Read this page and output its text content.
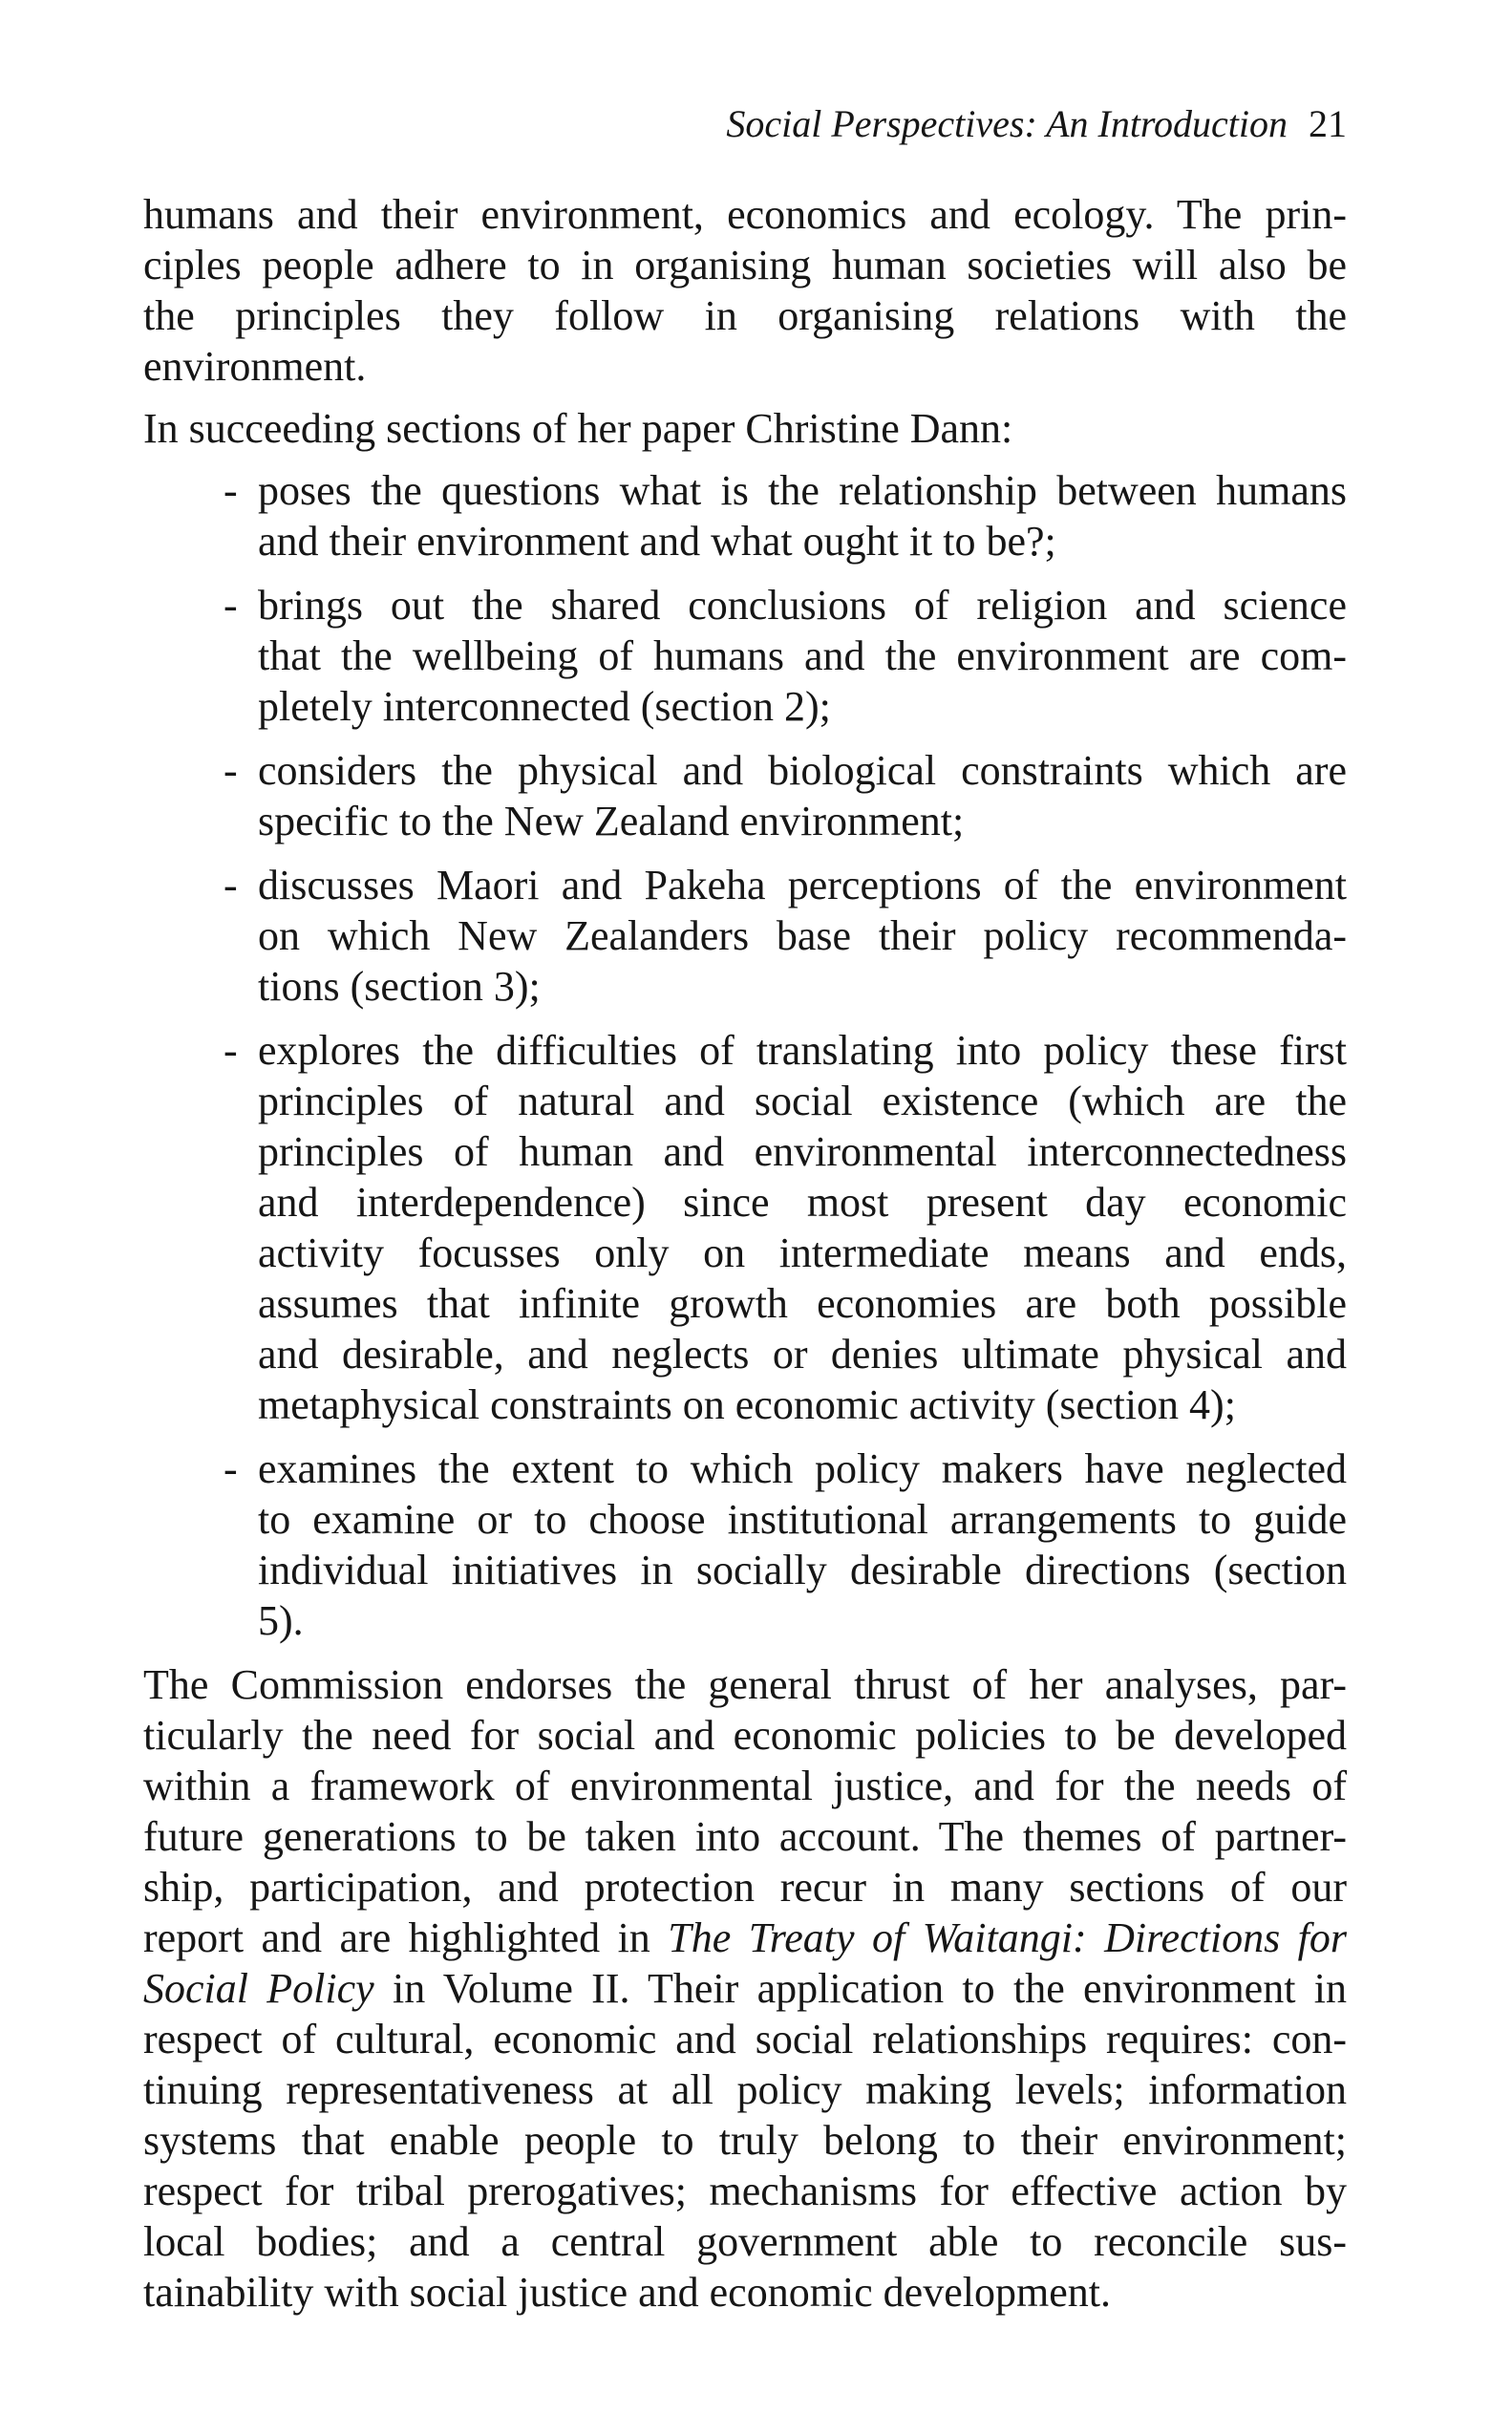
Social Perspectives: An Introduction 21
humans and their environment, economics and ecology. The prin-
ciples people adhere to in organising human societies will also be
the principles they follow in organising relations with the
environment.
In succeeding sections of her paper Christine Dann:
- poses the questions what is the relationship between humans
and their environment and what ought it to be?;
- brings out the shared conclusions of religion and science
that the wellbeing of humans and the environment are com-
pletely interconnected (section 2);
- considers the physical and biological constraints which are
specific to the New Zealand environment;
- discusses Maori and Pakeha perceptions of the environment
on which New Zealanders base their policy recommenda-
tions (section 3);
- explores the difficulties of translating into policy these first
principles of natural and social existence (which are the
principles of human and environmental interconnectedness
and interdependence) since most present day economic
activity focusses only on intermediate means and ends,
assumes that infinite growth economies are both possible
and desirable, and neglects or denies ultimate physical and
metaphysical constraints on economic activity (section 4);
- examines the extent to which policy makers have neglected
to examine or to choose institutional arrangements to guide
individual initiatives in socially desirable directions (section
5).
The Commission endorses the general thrust of her analyses, par-
ticularly the need for social and economic policies to be developed
within a framework of environmental justice, and for the needs of
future generations to be taken into account. The themes of partner-
ship, participation, and protection recur in many sections of our
report and are highlighted in The Treaty of Waitangi: Directions for
Social Policy in Volume II. Their application to the environment in
respect of cultural, economic and social relationships requires: con-
tinuing representativeness at all policy making levels; information
systems that enable people to truly belong to their environment;
respect for tribal prerogatives; mechanisms for effective action by
local bodies; and a central government able to reconcile sus-
tainability with social justice and economic development.
